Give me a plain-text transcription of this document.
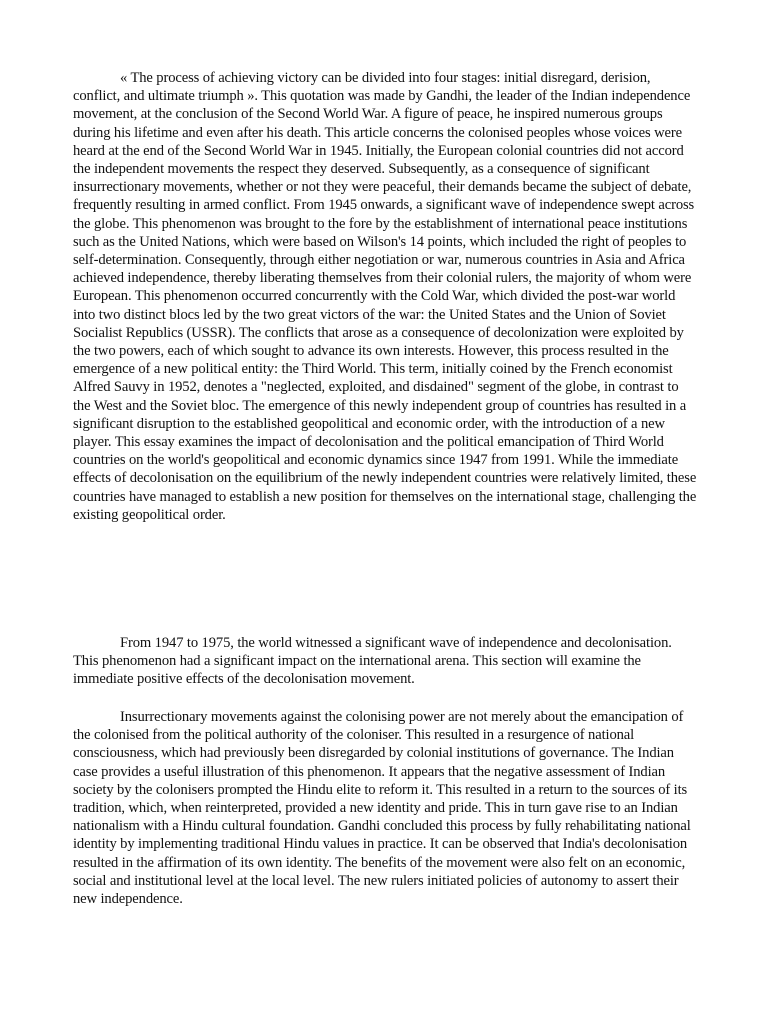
« The process of achieving victory can be divided into four stages: initial disregard, derision, conflict, and ultimate triumph ». This quotation was made by Gandhi, the leader of the Indian independence movement, at the conclusion of the Second World War. A figure of peace, he inspired numerous groups during his lifetime and even after his death. This article concerns the colonised peoples whose voices were heard at the end of the Second World War in 1945. Initially, the European colonial countries did not accord the independent movements the respect they deserved. Subsequently, as a consequence of significant insurrectionary movements, whether or not they were peaceful, their demands became the subject of debate, frequently resulting in armed conflict. From 1945 onwards, a significant wave of independence swept across the globe. This phenomenon was brought to the fore by the establishment of international peace institutions such as the United Nations, which were based on Wilson's 14 points, which included the right of peoples to self-determination. Consequently, through either negotiation or war, numerous countries in Asia and Africa achieved independence, thereby liberating themselves from their colonial rulers, the majority of whom were European. This phenomenon occurred concurrently with the Cold War, which divided the post-war world into two distinct blocs led by the two great victors of the war: the United States and the Union of Soviet Socialist Republics (USSR). The conflicts that arose as a consequence of decolonization were exploited by the two powers, each of which sought to advance its own interests. However, this process resulted in the emergence of a new political entity: the Third World. This term, initially coined by the French economist Alfred Sauvy in 1952, denotes a "neglected, exploited, and disdained" segment of the globe, in contrast to the West and the Soviet bloc. The emergence of this newly independent group of countries has resulted in a significant disruption to the established geopolitical and economic order, with the introduction of a new player. This essay examines the impact of decolonisation and the political emancipation of Third World countries on the world's geopolitical and economic dynamics since 1947 from 1991. While the immediate effects of decolonisation on the equilibrium of the newly independent countries were relatively limited, these countries have managed to establish a new position for themselves on the international stage, challenging the existing geopolitical order.

From 1947 to 1975, the world witnessed a significant wave of independence and decolonisation. This phenomenon had a significant impact on the international arena. This section will examine the immediate positive effects of the decolonisation movement.

Insurrectionary movements against the colonising power are not merely about the emancipation of the colonised from the political authority of the coloniser. This resulted in a resurgence of national consciousness, which had previously been disregarded by colonial institutions of governance. The Indian case provides a useful illustration of this phenomenon. It appears that the negative assessment of Indian society by the colonisers prompted the Hindu elite to reform it. This resulted in a return to the sources of its tradition, which, when reinterpreted, provided a new identity and pride. This in turn gave rise to an Indian nationalism with a Hindu cultural foundation. Gandhi concluded this process by fully rehabilitating national identity by implementing traditional Hindu values in practice. It can be observed that India's decolonisation resulted in the affirmation of its own identity. The benefits of the movement were also felt on an economic, social and institutional level at the local level. The new rulers initiated policies of autonomy to assert their new independence.
